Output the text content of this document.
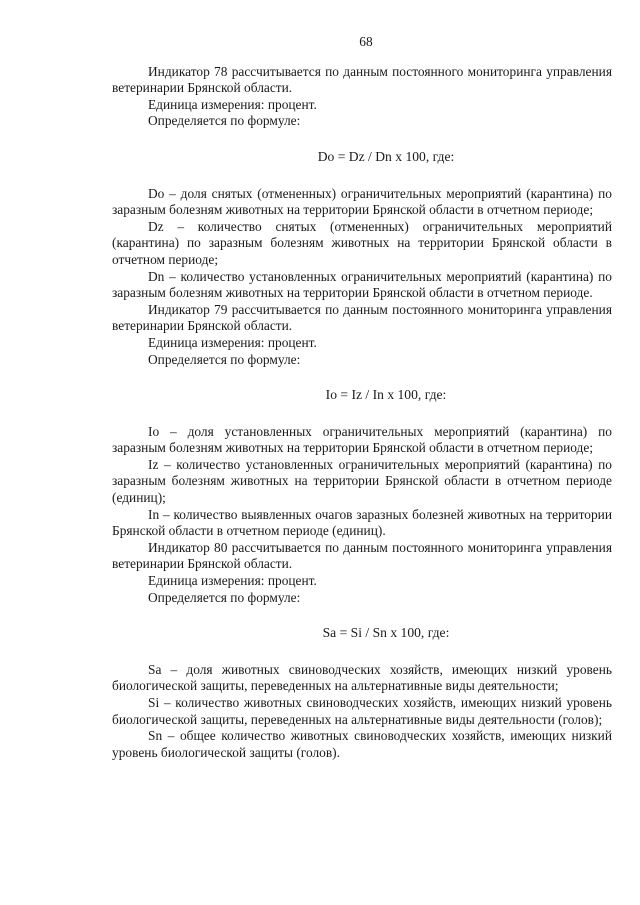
68

Индикатор 78 рассчитывается по данным постоянного мониторинга управления ветеринарии Брянской области.

Единица измерения: процент.

Определяется по формуле:

Do = Dz / Dn x 100, где:

Do – доля снятых (отмененных) ограничительных мероприятий (карантина) по заразным болезням животных на территории Брянской области в отчетном периоде;

Dz – количество снятых (отмененных) ограничительных мероприятий (карантина) по заразным болезням животных на территории Брянской области в отчетном периоде;

Dn – количество установленных ограничительных мероприятий (карантина) по заразным болезням животных на территории Брянской области в отчетном периоде.

Индикатор 79 рассчитывается по данным постоянного мониторинга управления ветеринарии Брянской области.

Единица измерения: процент.

Определяется по формуле:

Io = Iz / In x 100, где:

Io – доля установленных ограничительных мероприятий (карантина) по заразным болезням животных на территории Брянской области в отчетном периоде;

Iz – количество установленных ограничительных мероприятий (карантина) по заразным болезням животных на территории Брянской области в отчетном периоде (единиц);

In – количество выявленных очагов заразных болезней животных на территории Брянской области в отчетном периоде (единиц).

Индикатор 80 рассчитывается по данным постоянного мониторинга управления ветеринарии Брянской области.

Единица измерения: процент.

Определяется по формуле:

Sa = Si / Sn x 100, где:

Sa – доля животных свиноводческих хозяйств, имеющих низкий уровень биологической защиты, переведенных на альтернативные виды деятельности;

Si – количество животных свиноводческих хозяйств, имеющих низкий уровень биологической защиты, переведенных на альтернативные виды деятельности (голов);

Sn – общее количество животных свиноводческих хозяйств, имеющих низкий уровень биологической защиты (голов).
